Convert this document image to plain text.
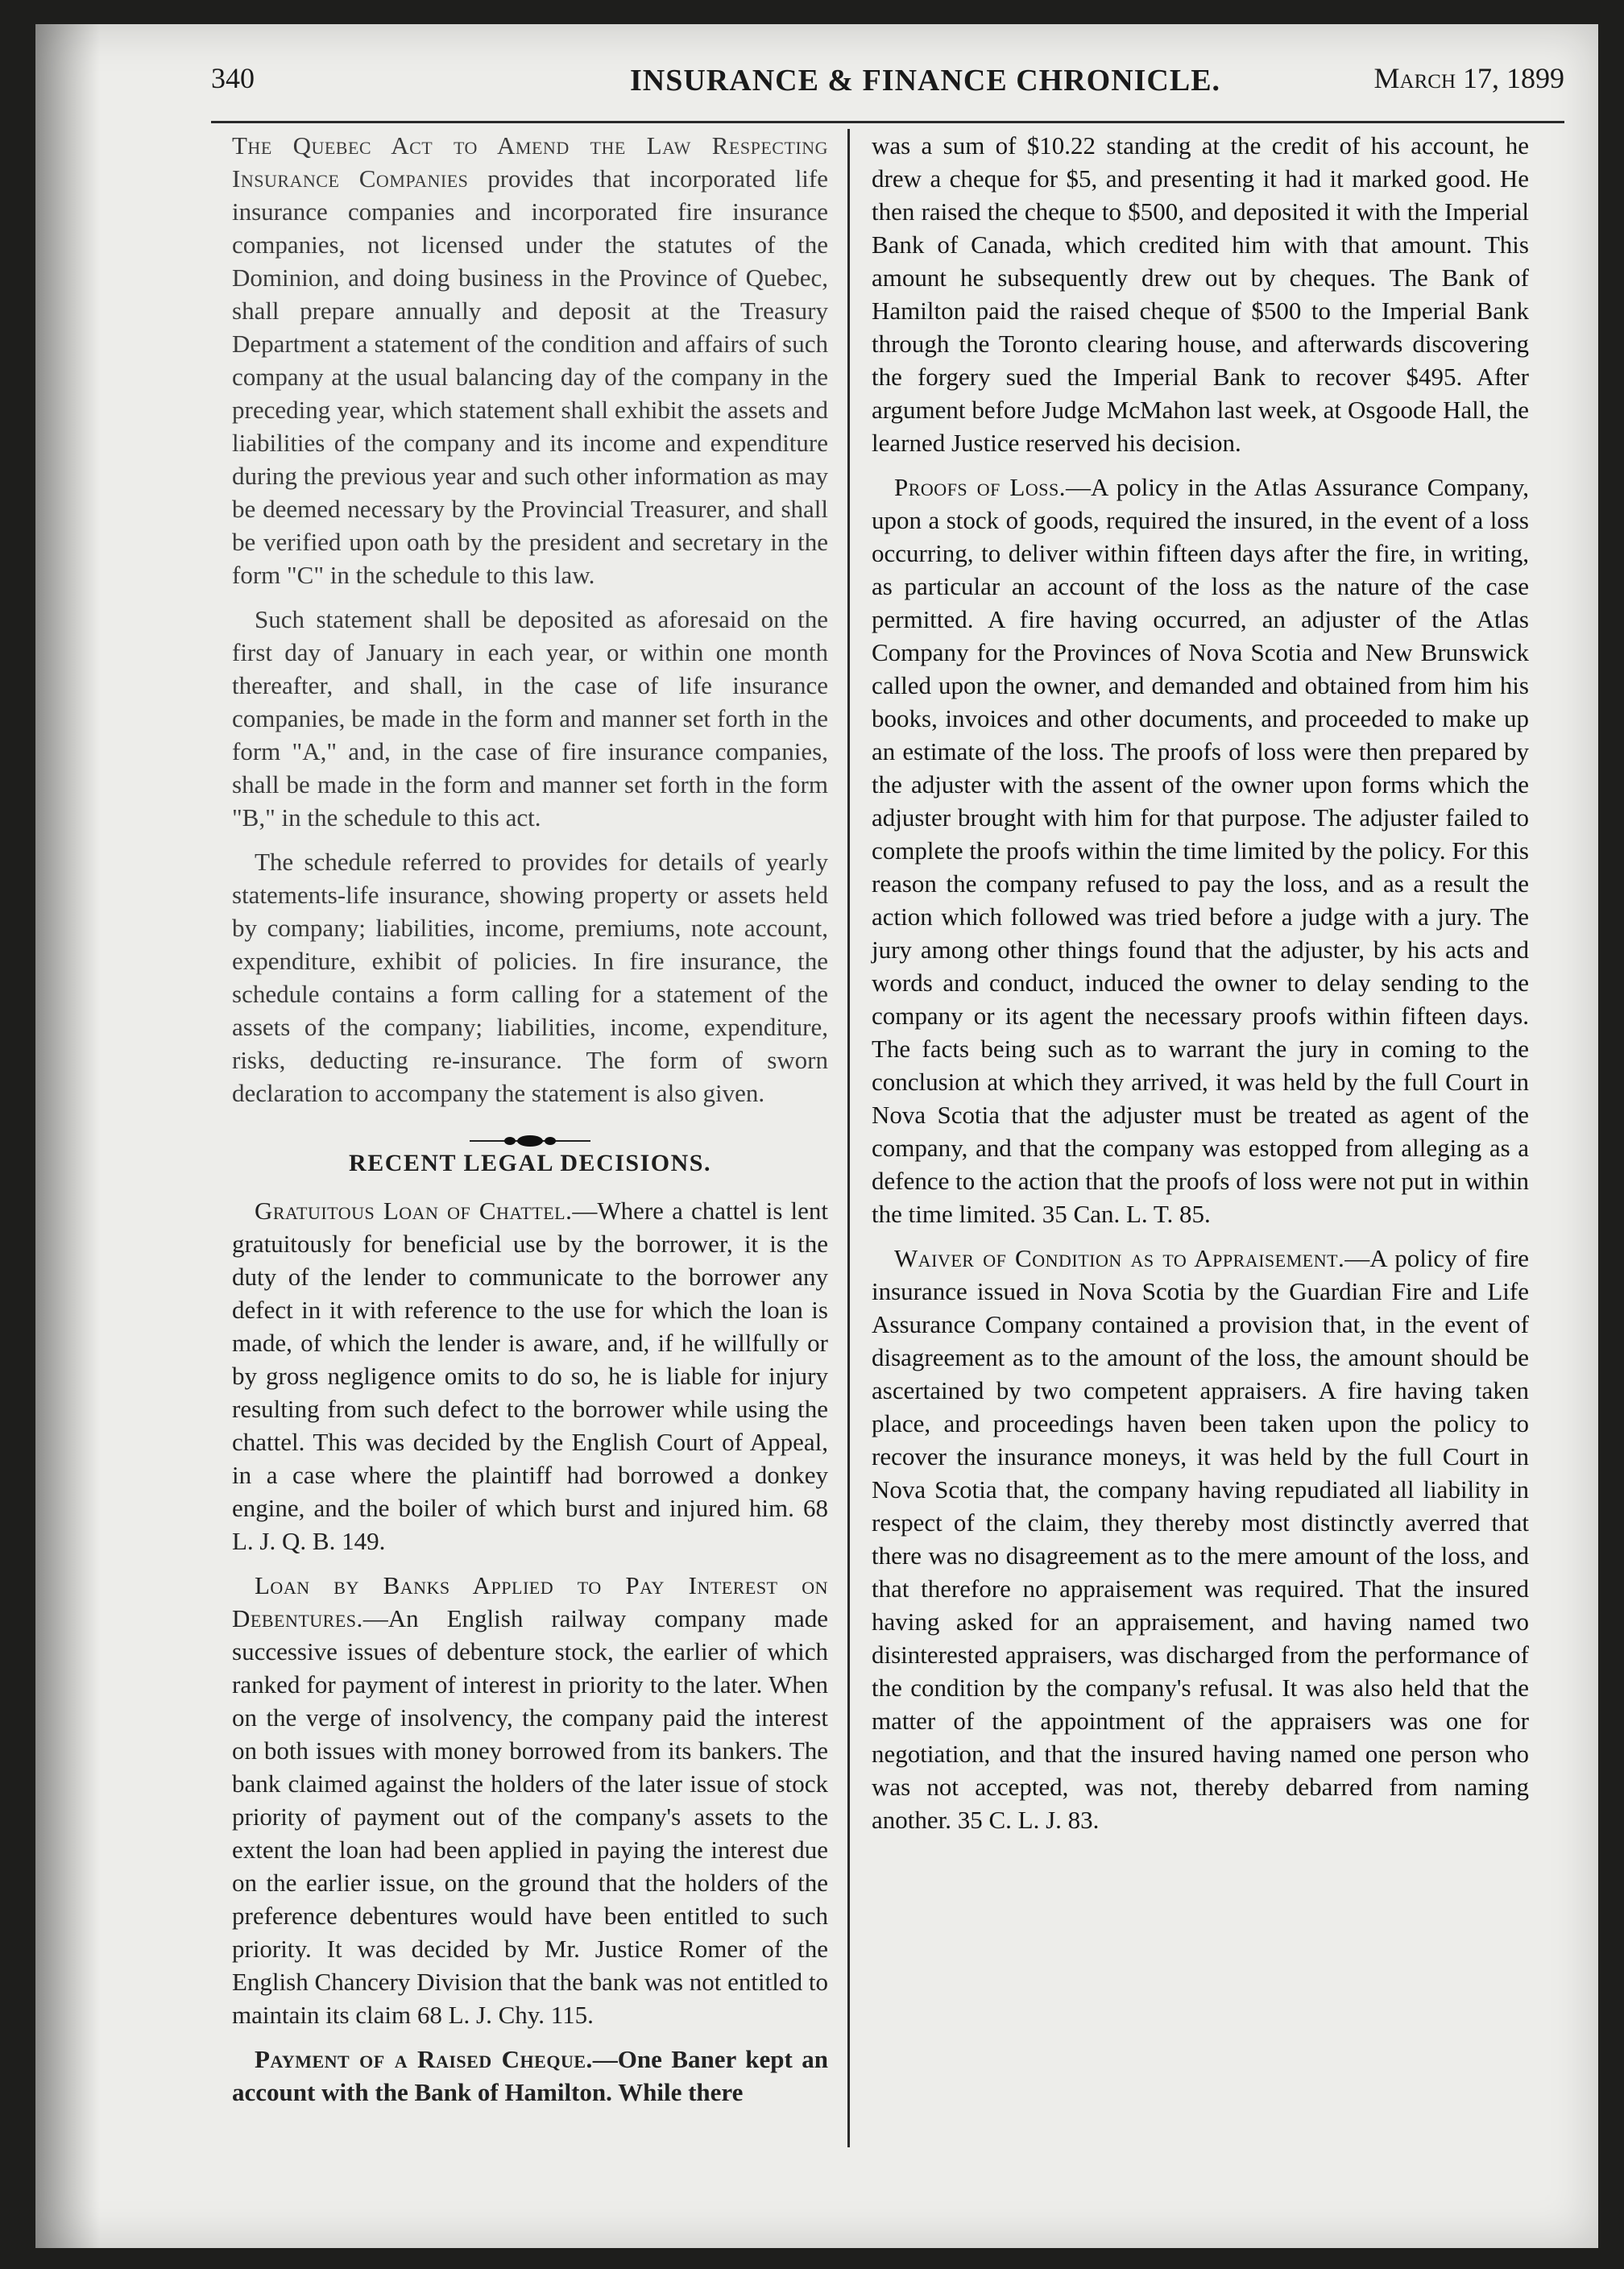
340	INSURANCE & FINANCE CHRONICLE.	March 17, 1899

The Quebec Act to Amend the Law Respecting Insurance Companies provides that incorporated life insurance companies and incorporated fire insurance companies, not licensed under the statutes of the Dominion, and doing business in the Province of Quebec, shall prepare annually and deposit at the Treasury Department a statement of the condition and affairs of such company at the usual balancing day of the company in the preceding year, which statement shall exhibit the assets and liabilities of the company and its income and expenditure during the previous year and such other information as may be deemed necessary by the Provincial Treasurer, and shall be verified upon oath by the president and secretary in the form "C" in the schedule to this law.

Such statement shall be deposited as aforesaid on the first day of January in each year, or within one month thereafter, and shall, in the case of life insurance companies, be made in the form and manner set forth in the form "A," and, in the case of fire insurance companies, shall be made in the form and manner set forth in the form "B," in the schedule to this act.

The schedule referred to provides for details of yearly statements-life insurance, showing property or assets held by company; liabilities, income, premiums, note account, expenditure, exhibit of policies. In fire insurance, the schedule contains a form calling for a statement of the assets of the company; liabilities, income, expenditure, risks, deducting re-insurance. The form of sworn declaration to accompany the statement is also given.

RECENT LEGAL DECISIONS.

Gratuitous Loan of Chattel.—Where a chattel is lent gratuitously for beneficial use by the borrower, it is the duty of the lender to communicate to the borrower any defect in it with reference to the use for which the loan is made, of which the lender is aware, and, if he willfully or by gross negligence omits to do so, he is liable for injury resulting from such defect to the borrower while using the chattel. This was decided by the English Court of Appeal, in a case where the plaintiff had borrowed a donkey engine, and the boiler of which burst and injured him. 68 L. J. Q. B. 149.

Loan by Banks Applied to Pay Interest on Debentures.—An English railway company made successive issues of debenture stock, the earlier of which ranked for payment of interest in priority to the later. When on the verge of insolvency, the company paid the interest on both issues with money borrowed from its bankers. The bank claimed against the holders of the later issue of stock priority of payment out of the company's assets to the extent the loan had been applied in paying the interest due on the earlier issue, on the ground that the holders of the preference debentures would have been entitled to such priority. It was decided by Mr. Justice Romer of the English Chancery Division that the bank was not entitled to maintain its claim 68 L. J. Chy. 115.

Payment of a Raised Cheque.—One Baner kept an account with the Bank of Hamilton. While there

was a sum of $10.22 standing at the credit of his account, he drew a cheque for $5, and presenting it had it marked good. He then raised the cheque to $500, and deposited it with the Imperial Bank of Canada, which credited him with that amount. This amount he subsequently drew out by cheques. The Bank of Hamilton paid the raised cheque of $500 to the Imperial Bank through the Toronto clearing house, and afterwards discovering the forgery sued the Imperial Bank to recover $495. After argument before Judge McMahon last week, at Osgoode Hall, the learned Justice reserved his decision.

Proofs of Loss.—A policy in the Atlas Assurance Company, upon a stock of goods, required the insured, in the event of a loss occurring, to deliver within fifteen days after the fire, in writing, as particular an account of the loss as the nature of the case permitted. A fire having occurred, an adjuster of the Atlas Company for the Provinces of Nova Scotia and New Brunswick called upon the owner, and demanded and obtained from him his books, invoices and other documents, and proceeded to make up an estimate of the loss. The proofs of loss were then prepared by the adjuster with the assent of the owner upon forms which the adjuster brought with him for that purpose. The adjuster failed to complete the proofs within the time limited by the policy. For this reason the company refused to pay the loss, and as a result the action which followed was tried before a judge with a jury. The jury among other things found that the adjuster, by his acts and words and conduct, induced the owner to delay sending to the company or its agent the necessary proofs within fifteen days. The facts being such as to warrant the jury in coming to the conclusion at which they arrived, it was held by the full Court in Nova Scotia that the adjuster must be treated as agent of the company, and that the company was estopped from alleging as a defence to the action that the proofs of loss were not put in within the time limited. 35 Can. L. T. 85.

Waiver of Condition as to Appraisement.—A policy of fire insurance issued in Nova Scotia by the Guardian Fire and Life Assurance Company contained a provision that, in the event of disagreement as to the amount of the loss, the amount should be ascertained by two competent appraisers. A fire having taken place, and proceedings haven been taken upon the policy to recover the insurance moneys, it was held by the full Court in Nova Scotia that, the company having repudiated all liability in respect of the claim, they thereby most distinctly averred that there was no disagreement as to the mere amount of the loss, and that therefore no appraisement was required. That the insured having asked for an appraisement, and having named two disinterested appraisers, was discharged from the performance of the condition by the company's refusal. It was also held that the matter of the appointment of the appraisers was one for negotiation, and that the insured having named one person who was not accepted, was not, thereby debarred from naming another. 35 C. L. J. 83.
